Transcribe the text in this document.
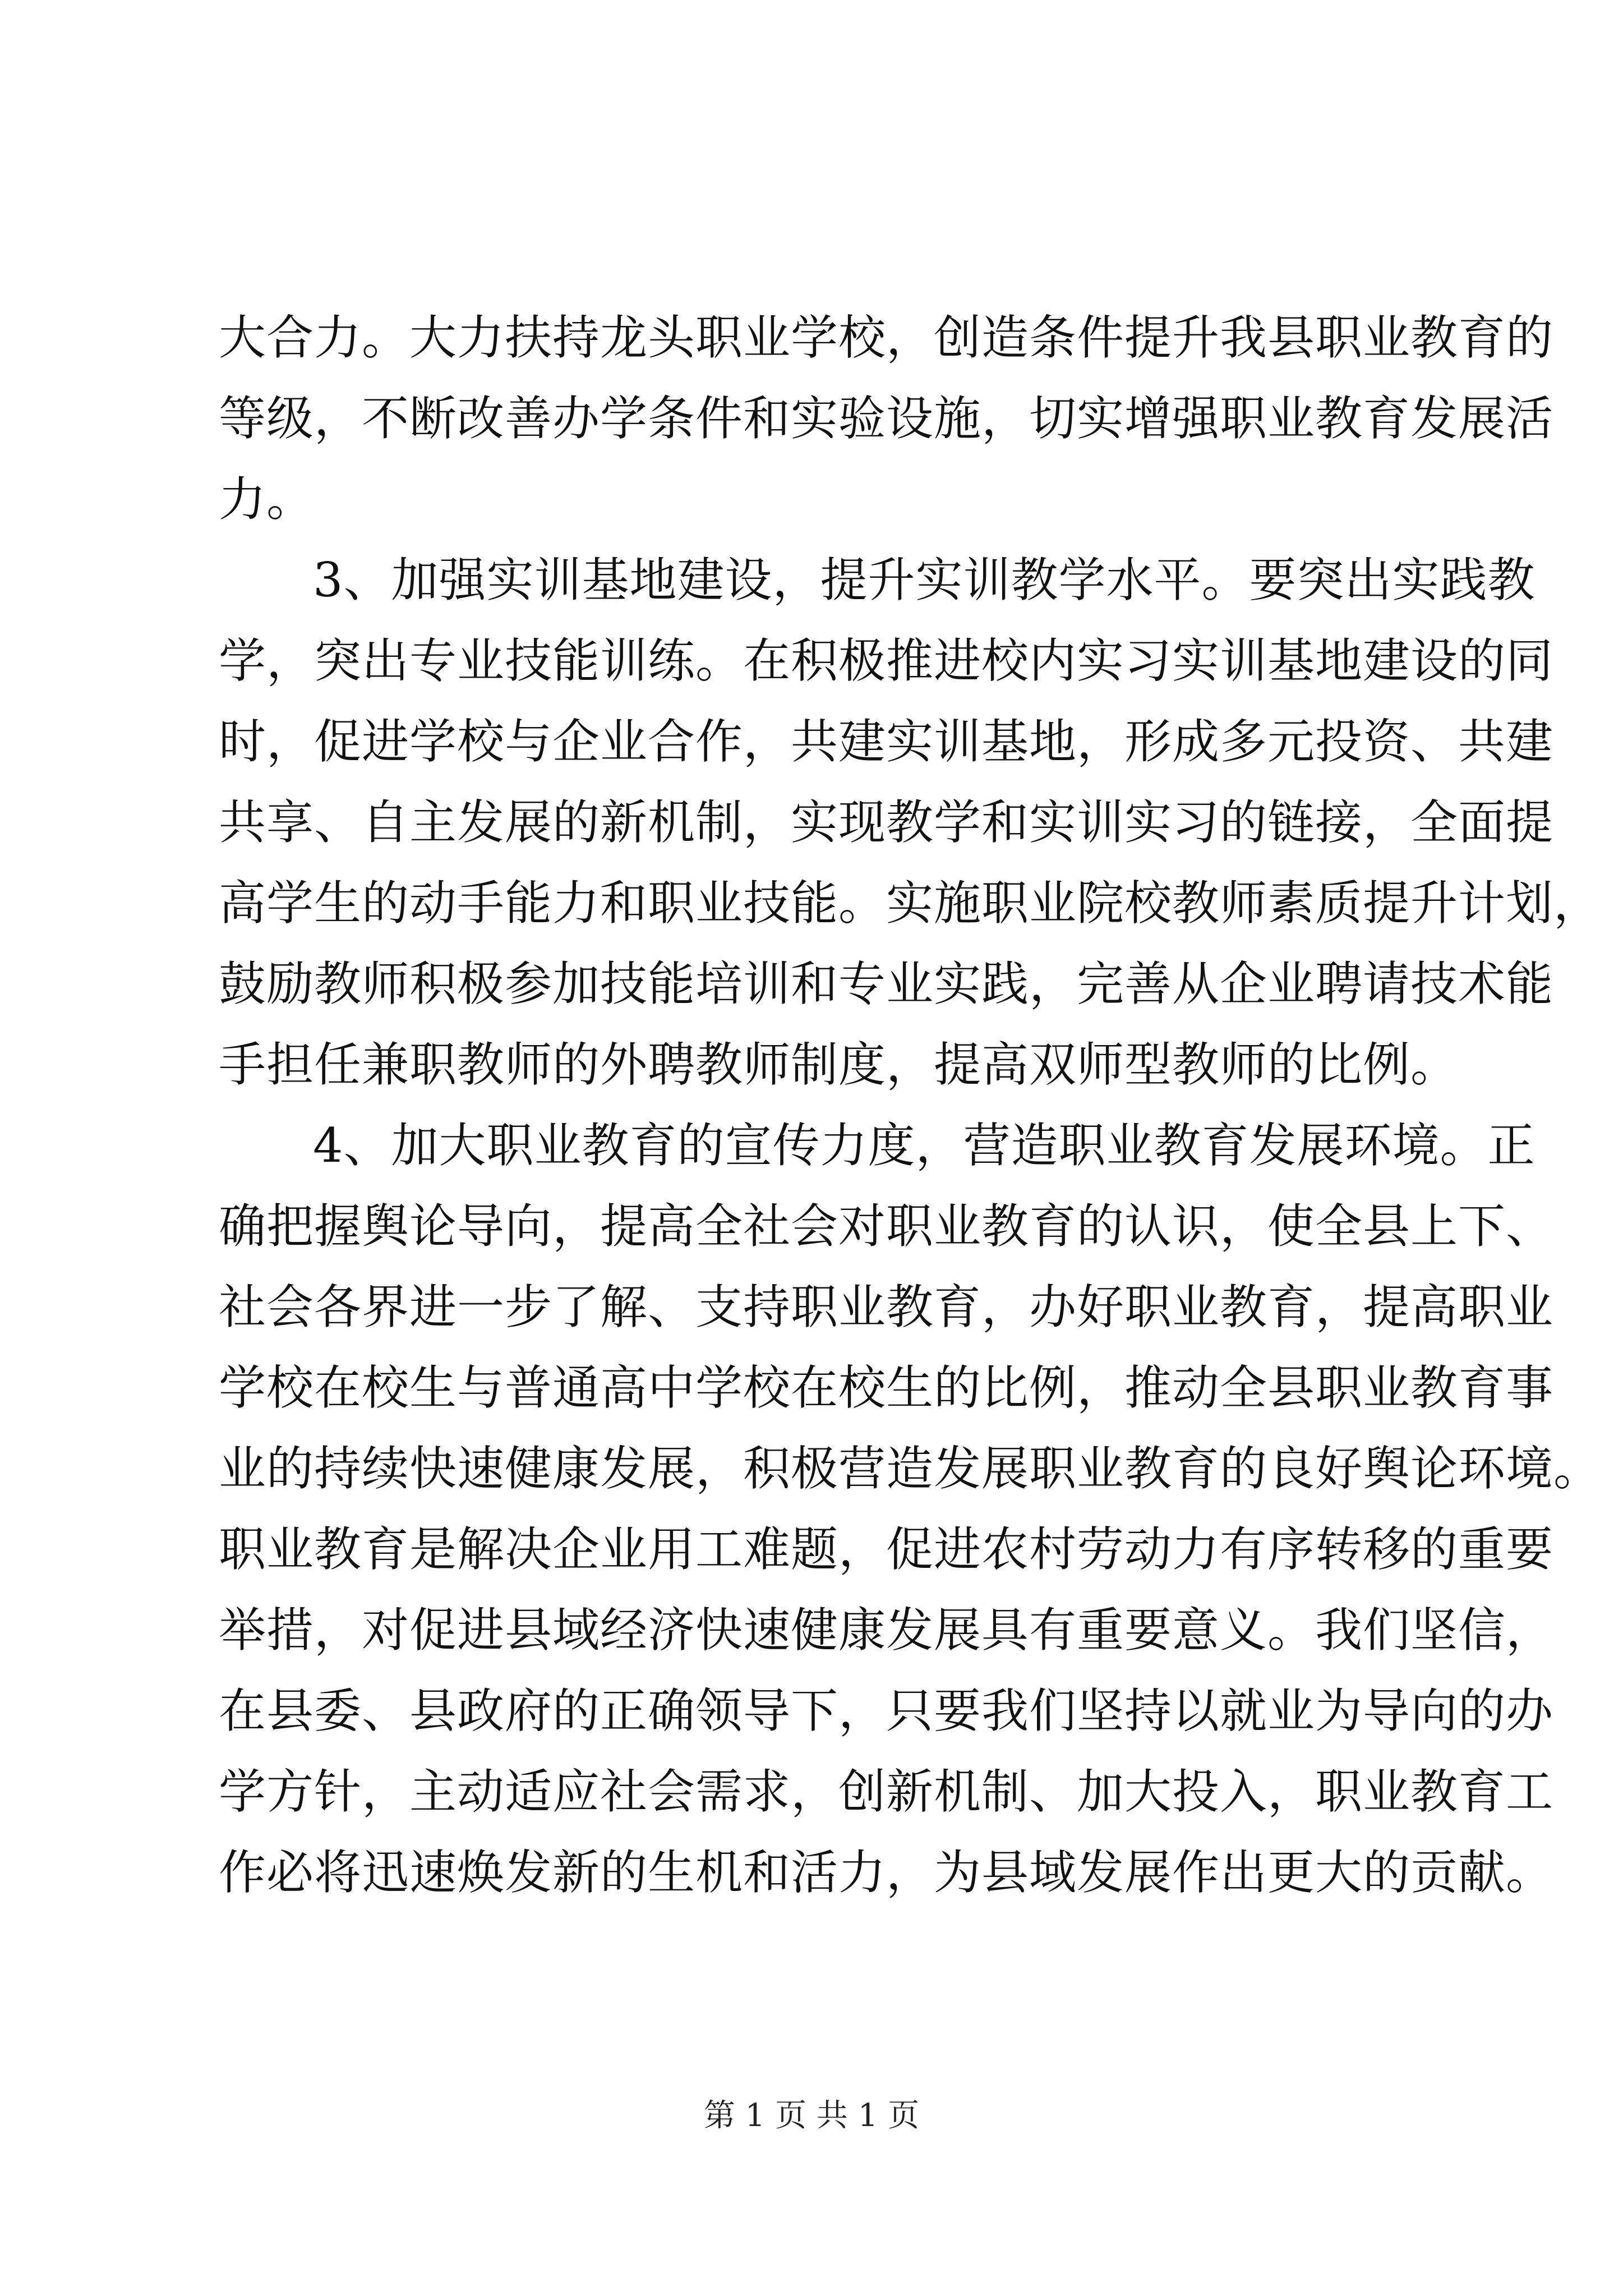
大合力。大力扶持龙头职业学校，创造条件提升我县职业教育的
等级，不断改善办学条件和实验设施，切实增强职业教育发展活
力。
3、加强实训基地建设，提升实训教学水平。要突出实践教
学，突出专业技能训练。在积极推进校内实习实训基地建设的同
时，促进学校与企业合作，共建实训基地，形成多元投资、共建
共享、自主发展的新机制，实现教学和实训实习的链接，全面提
高学生的动手能力和职业技能。实施职业院校教师素质提升计划，
鼓励教师积极参加技能培训和专业实践，完善从企业聘请技术能
手担任兼职教师的外聘教师制度，提高双师型教师的比例。
4、加大职业教育的宣传力度，营造职业教育发展环境。正
确把握舆论导向，提高全社会对职业教育的认识，使全县上下、
社会各界进一步了解、支持职业教育，办好职业教育，提高职业
学校在校生与普通高中学校在校生的比例，推动全县职业教育事
业的持续快速健康发展，积极营造发展职业教育的良好舆论环境。
职业教育是解决企业用工难题，促进农村劳动力有序转移的重要
举措，对促进县域经济快速健康发展具有重要意义。我们坚信，
在县委、县政府的正确领导下，只要我们坚持以就业为导向的办
学方针，主动适应社会需求，创新机制、加大投入，职业教育工
作必将迅速焕发新的生机和活力，为县域发展作出更大的贡献。
第 1 页 共 1 页
